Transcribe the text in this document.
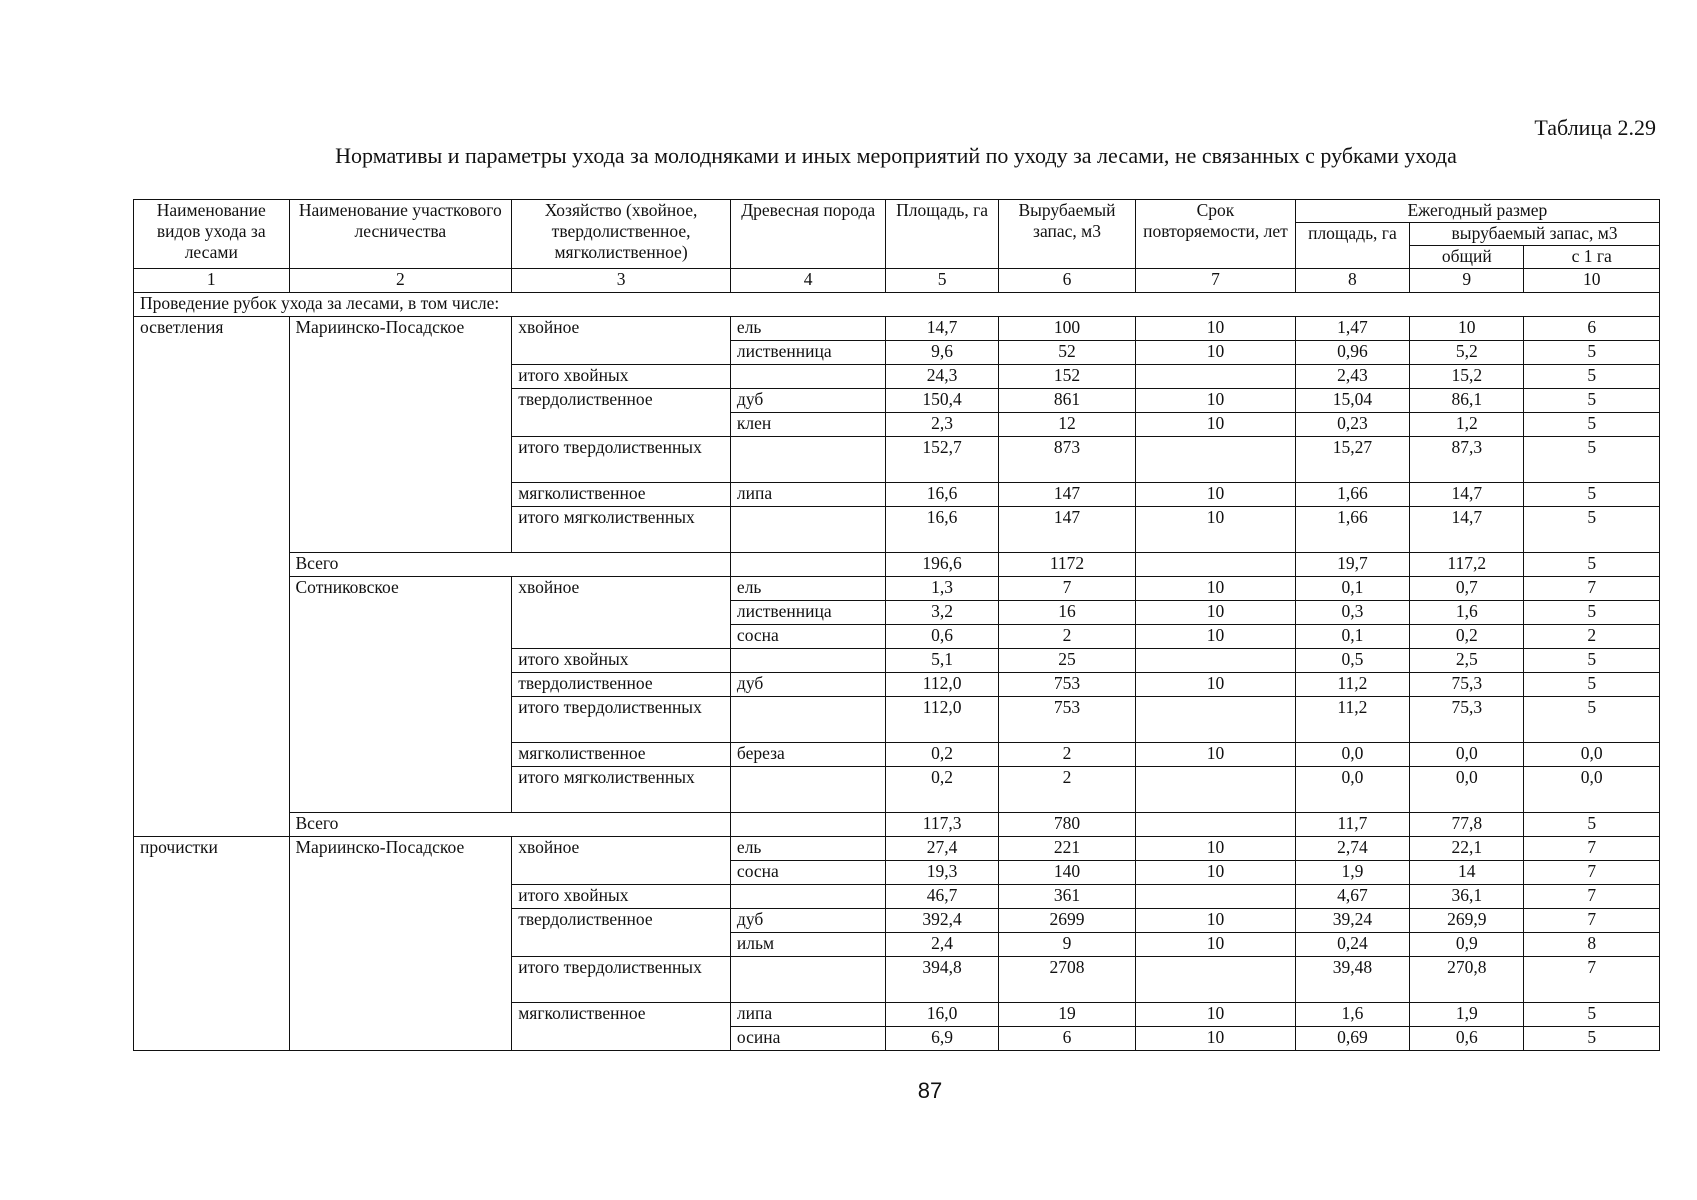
Таблица 2.29
Нормативы и параметры ухода за молодняками и иных мероприятий по уходу за лесами, не связанных с рубками ухода
Наименование видов ухода за лесами	Наименование участкового лесничества	Хозяйство (хвойное, твердолиственное, мягколиственное)	Древесная порода	Площадь, га	Вырубаемый запас, м3	Срок повторяемости, лет	Ежегодный размер		
							площадь, га	вырубаемый запас, м3	
								общий	с 1 га
1	2	3	4	5	6	7	8	9	10
Проведение рубок ухода за лесами, в том числе:									
осветления	Мариинско-Посадское	хвойное	ель	14,7	100	10	1,47	10	6
			лиственница	9,6	52	10	0,96	5,2	5
		итого хвойных		24,3	152		2,43	15,2	5
		твердолиственное	дуб	150,4	861	10	15,04	86,1	5
			клен	2,3	12	10	0,23	1,2	5
		итого твердолиственных		152,7	873		15,27	87,3	5
		мягколиственное	липа	16,6	147	10	1,66	14,7	5
		итого мягколиственных		16,6	147	10	1,66	14,7	5
	Всего			196,6	1172		19,7	117,2	5
	Сотниковское	хвойное	ель	1,3	7	10	0,1	0,7	7
			лиственница	3,2	16	10	0,3	1,6	5
			сосна	0,6	2	10	0,1	0,2	2
		итого хвойных		5,1	25		0,5	2,5	5
		твердолиственное	дуб	112,0	753	10	11,2	75,3	5
		итого твердолиственных		112,0	753		11,2	75,3	5
		мягколиственное	береза	0,2	2	10	0,0	0,0	0,0
		итого мягколиственных		0,2	2		0,0	0,0	0,0
	Всего			117,3	780		11,7	77,8	5
прочистки	Мариинско-Посадское	хвойное	ель	27,4	221	10	2,74	22,1	7
			сосна	19,3	140	10	1,9	14	7
		итого хвойных		46,7	361		4,67	36,1	7
		твердолиственное	дуб	392,4	2699	10	39,24	269,9	7
			ильм	2,4	9	10	0,24	0,9	8
		итого твердолиственных		394,8	2708		39,48	270,8	7
		мягколиственное	липа	16,0	19	10	1,6	1,9	5
			осина	6,9	6	10	0,69	0,6	5
87
